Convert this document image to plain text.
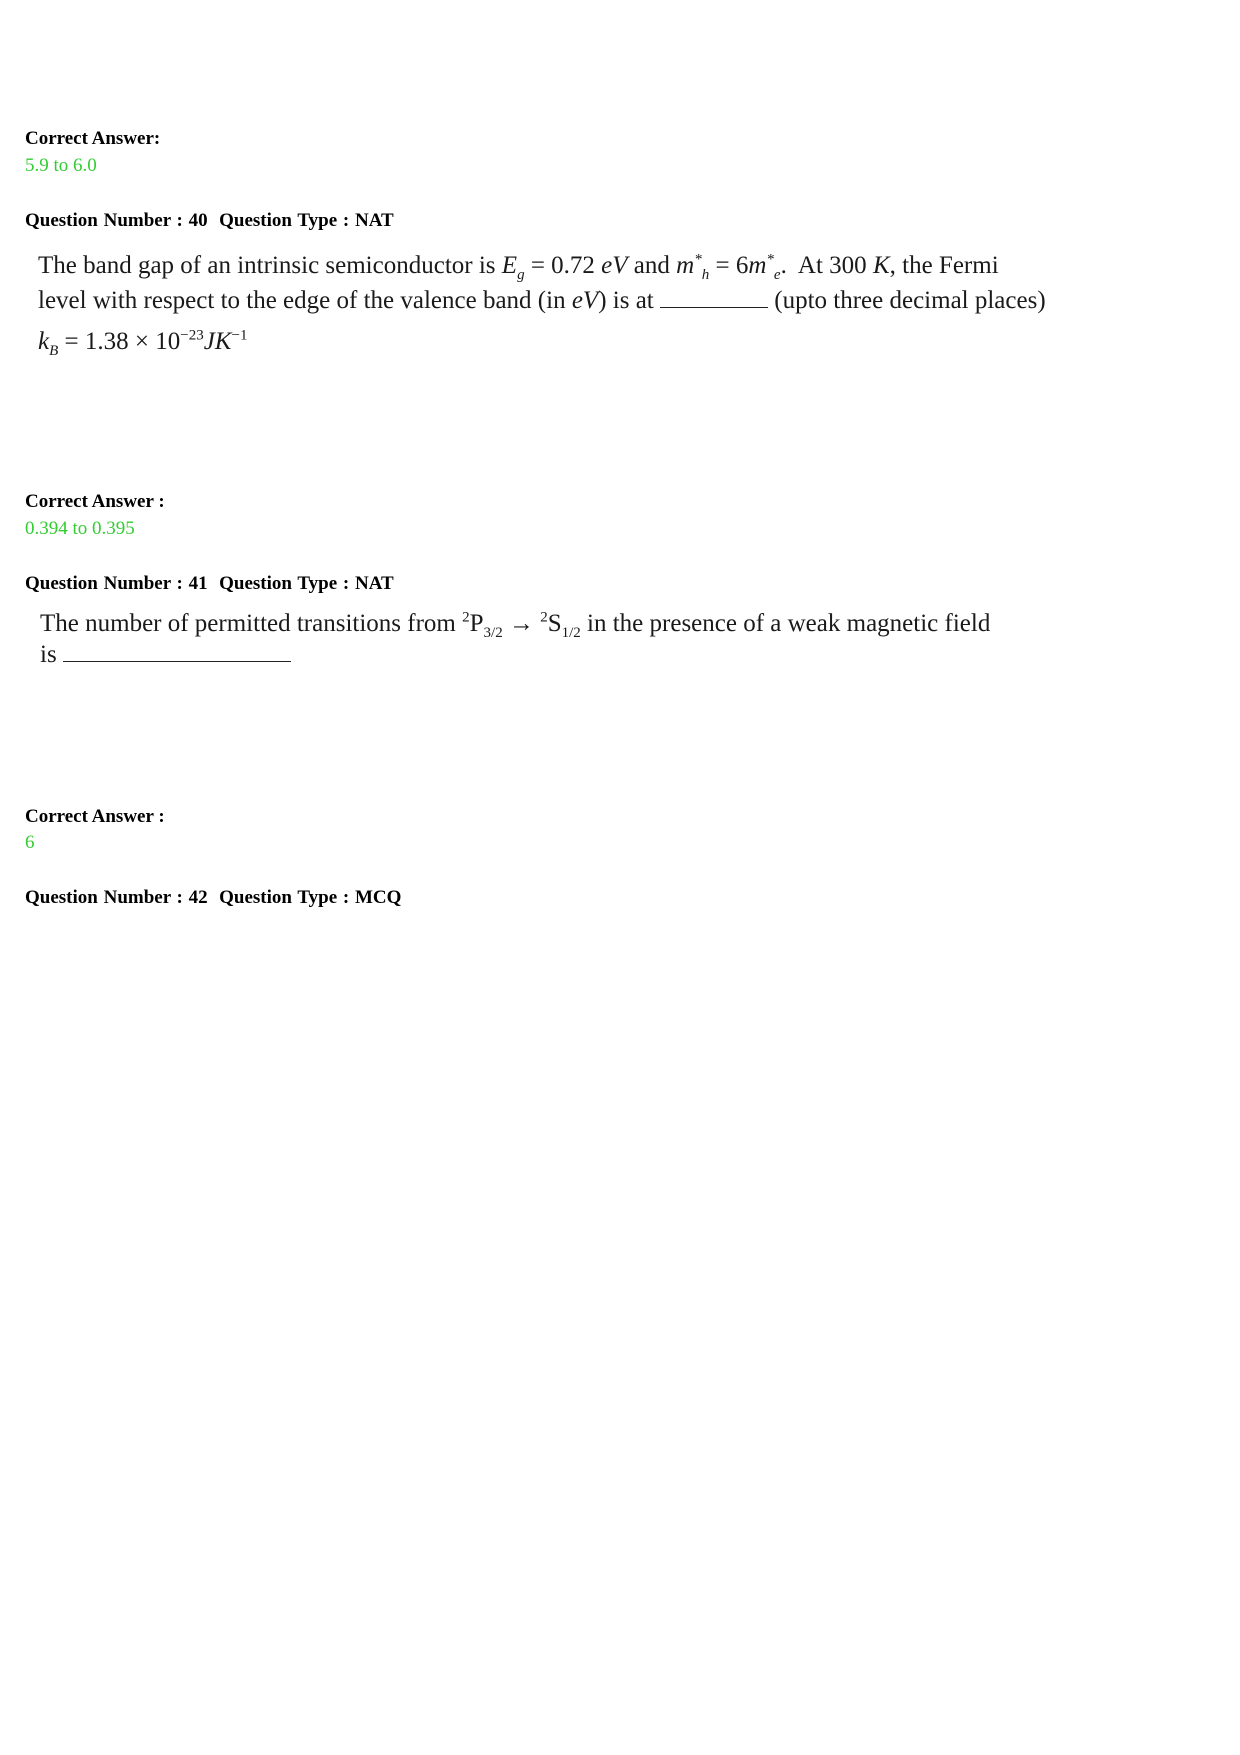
Correct Answer:
5.9 to 6.0
Question Number : 40  Question Type : NAT
The band gap of an intrinsic semiconductor is $E_g = 0.72$ eV and $m^*_h = 6m^*_e$.  At 300 K, the Fermi
level with respect to the edge of the valence band (in eV) is at	(upto three decimal places)
$k_B = 1.38 \times 10^{-23}JK^{-1}$
Correct Answer :
0.394 to 0.395
Question Number : 41  Question Type : NAT
The number of permitted transitions from $^2P_{3/2} \to ^2S_{1/2}$ in the presence of a weak magnetic field
is
Correct Answer :
6
Question Number : 42  Question Type : MCQ
